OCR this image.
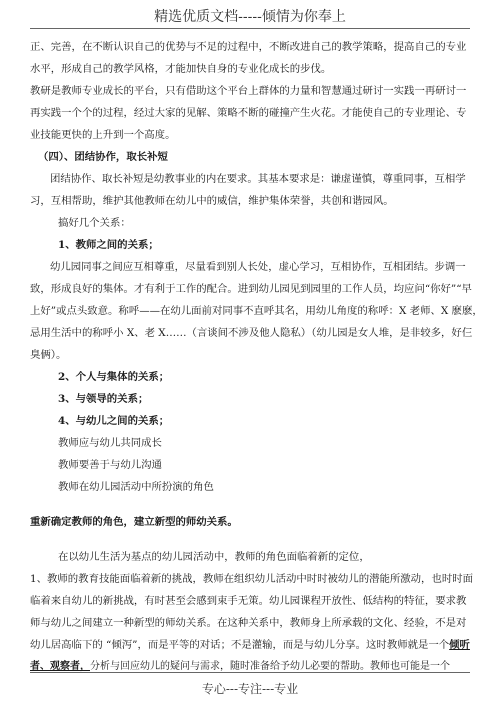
精选优质文档-----倾情为你奉上
正、完善，在不断认识自己的优势与不足的过程中，不断改进自己的教学策略，提高自己的专业
水平，形成自己的教学风格，才能加快自身的专业化成长的步伐。
教研是教师专业成长的平台，只有借助这个平台上群体的力量和智慧通过研讨一实践一再研讨一
再实践一个个的过程，经过大家的见解、策略不断的碰撞产生火花。才能使自己的专业理论、专
业技能更快的上升到一个高度。
（四）、团结协作，取长补短
团结协作、取长补短是幼教事业的内在要求。其基本要求是：谦虚谨慎，尊重同事，互相学
习，互相帮助，维护其他教师在幼儿中的威信，维护集体荣誉，共创和谐园风。
搞好几个关系：
1、教师之间的关系；
幼儿园同事之间应互相尊重，尽量看到别人长处，虚心学习，互相协作，互相团结。步调一
致，形成良好的集体。才有利于工作的配合。进到幼儿园见到园里的工作人员，均应问“你好”“早
上好”或点头致意。称呼——在幼儿面前对同事不直呼其名，用幼儿角度的称呼：X 老师、X 麽麽，
忌用生活中的称呼小 X、老 X……（言谈间不涉及他人隐私）（幼儿园是女人堆，是非较多，好仨
臭俩）。
2、个人与集体的关系；
3、与领导的关系；
4、与幼儿之间的关系；
教师应与幼儿共同成长
教师要善于与幼儿沟通
教师在幼儿园活动中所扮演的角色
重新确定教师的角色，建立新型的师幼关系。
在以幼儿生活为基点的幼儿园活动中，教师的角色面临着新的定位，
1、教师的教育技能面临着新的挑战，教师在组织幼儿活动中时时被幼儿的潜能所激动，也时时面
临着来自幼儿的新挑战，有时甚至会感到束手无策。幼儿园课程开放性、低结构的特征，要求教
师与幼儿之间建立一种新型的师幼关系。在这种关系中，教师身上所承载的文化、经验，不是对
幼儿居高临下的 “倾泻”，而是平等的对话；不是灌输，而是与幼儿分享。这时教师就是一个倾听
者、观察者，分析与回应幼儿的疑问与需求，随时准备给予幼儿必要的帮助。教师也可能是一个
专心---专注---专业
